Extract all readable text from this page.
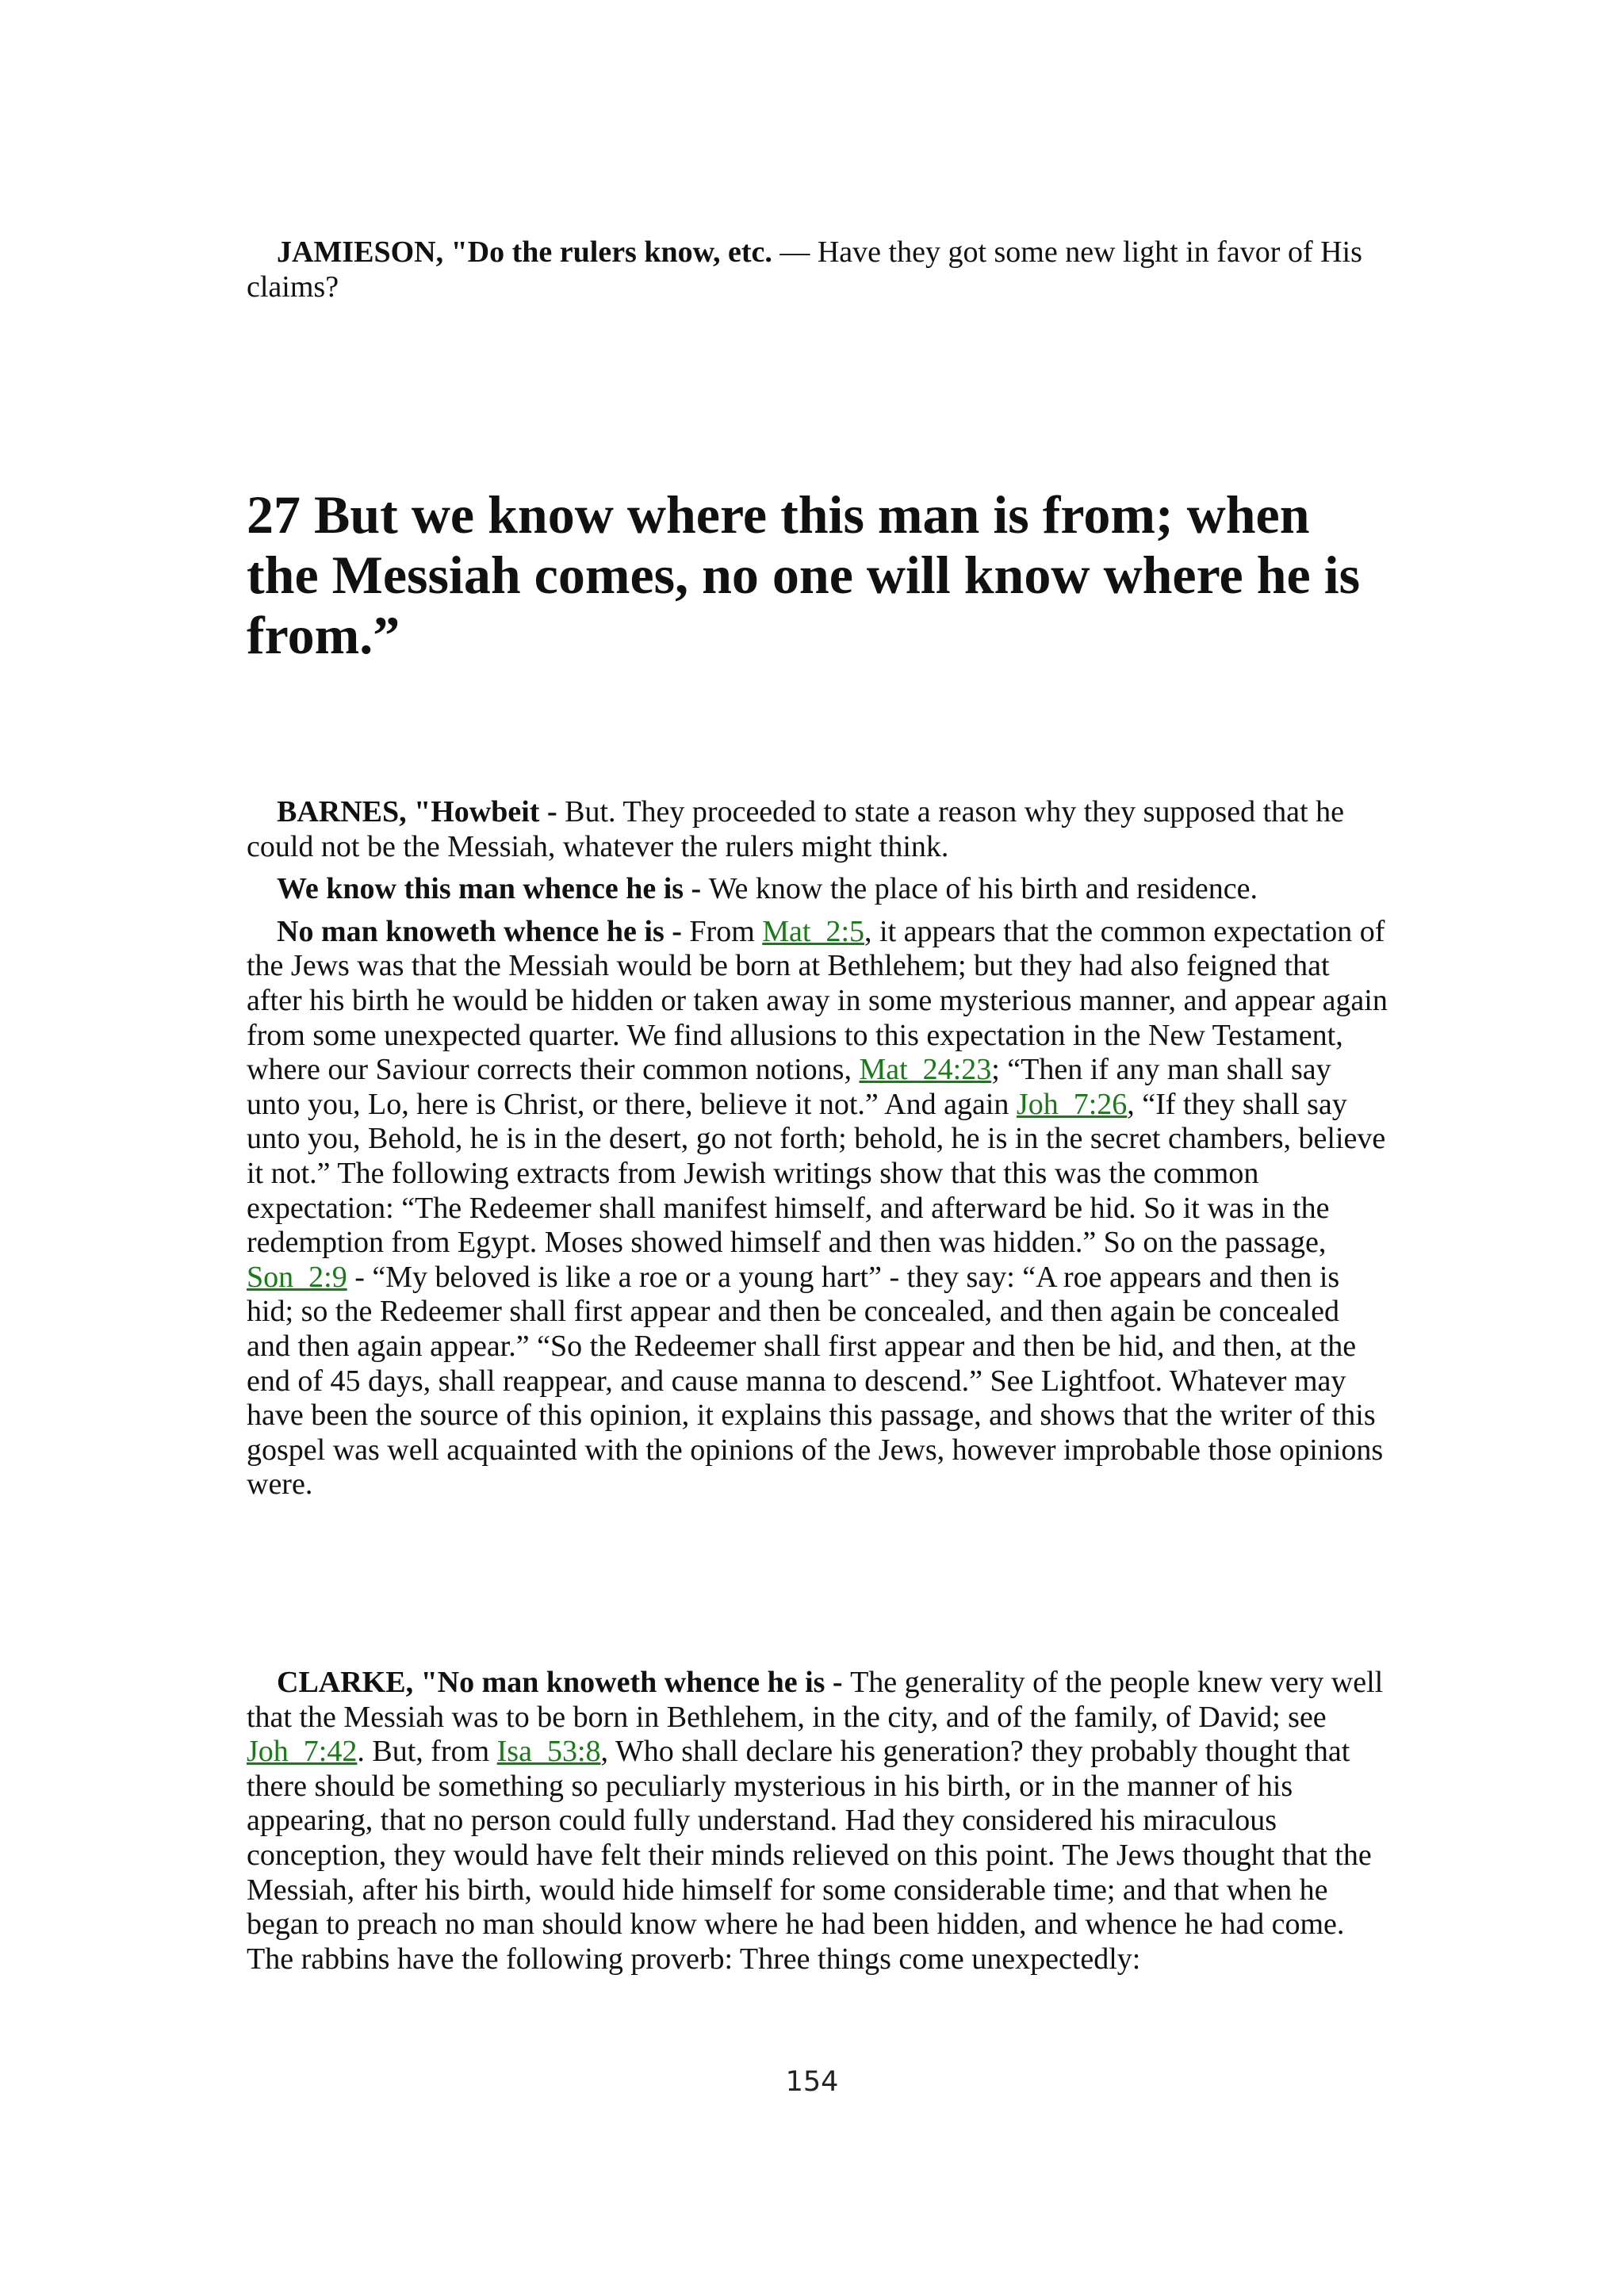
JAMIESON, "Do the rulers know, etc. — Have they got some new light in favor of His claims?

27 But we know where this man is from; when the Messiah comes, no one will know where he is from.”

BARNES, "Howbeit - But. They proceeded to state a reason why they supposed that he could not be the Messiah, whatever the rulers might think.

We know this man whence he is - We know the place of his birth and residence.

No man knoweth whence he is - From Mat_2:5, it appears that the common expectation of the Jews was that the Messiah would be born at Bethlehem; but they had also feigned that after his birth he would be hidden or taken away in some mysterious manner, and appear again from some unexpected quarter. We find allusions to this expectation in the New Testament, where our Saviour corrects their common notions, Mat_24:23; “Then if any man shall say unto you, Lo, here is Christ, or there, believe it not.” And again Joh_7:26, “If they shall say unto you, Behold, he is in the desert, go not forth; behold, he is in the secret chambers, believe it not.” The following extracts from Jewish writings show that this was the common expectation: “The Redeemer shall manifest himself, and afterward be hid. So it was in the redemption from Egypt. Moses showed himself and then was hidden.” So on the passage, Son_2:9 - “My beloved is like a roe or a young hart” - they say: “A roe appears and then is hid; so the Redeemer shall first appear and then be concealed, and then again be concealed and then again appear.” “So the Redeemer shall first appear and then be hid, and then, at the end of 45 days, shall reappear, and cause manna to descend.” See Lightfoot. Whatever may have been the source of this opinion, it explains this passage, and shows that the writer of this gospel was well acquainted with the opinions of the Jews, however improbable those opinions were.

CLARKE, "No man knoweth whence he is - The generality of the people knew very well that the Messiah was to be born in Bethlehem, in the city, and of the family, of David; see Joh_7:42. But, from Isa_53:8, Who shall declare his generation? they probably thought that there should be something so peculiarly mysterious in his birth, or in the manner of his appearing, that no person could fully understand. Had they considered his miraculous conception, they would have felt their minds relieved on this point. The Jews thought that the Messiah, after his birth, would hide himself for some considerable time; and that when he began to preach no man should know where he had been hidden, and whence he had come. The rabbins have the following proverb: Three things come unexpectedly:

154
